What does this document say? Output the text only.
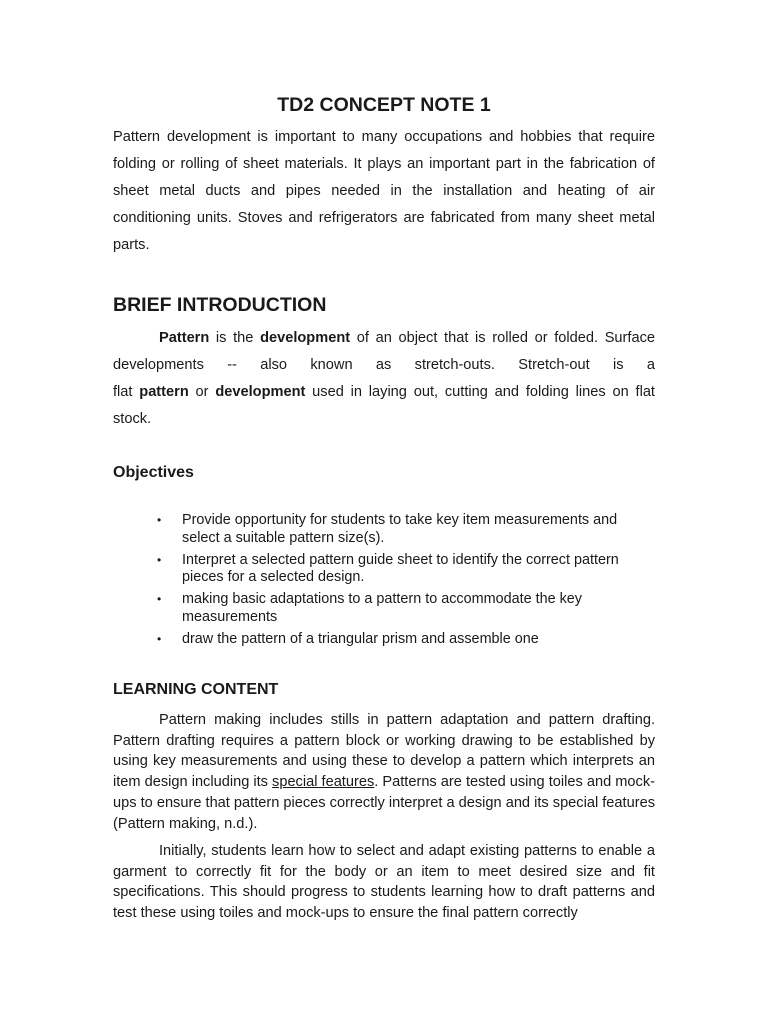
TD2 CONCEPT NOTE 1

Pattern development is important to many occupations and hobbies that require folding or rolling of sheet materials. It plays an important part in the fabrication of sheet metal ducts and pipes needed in the installation and heating of air conditioning units. Stoves and refrigerators are fabricated from many sheet metal parts.

BRIEF INTRODUCTION
Pattern is the development of an object that is rolled or folded. Surface
developments -- also known as stretch-outs. Stretch-out is a
flat pattern or development used in laying out, cutting and folding lines on flat
stock.
Objectives
• Provide opportunity for students to take key item measurements and select a suitable pattern size(s).
• Interpret a selected pattern guide sheet to identify the correct pattern pieces for a selected design.
• making basic adaptations to a pattern to accommodate the key measurements
• draw the pattern of a triangular prism and assemble one
LEARNING CONTENT

Pattern making includes stills in pattern adaptation and pattern drafting. Pattern drafting requires a pattern block or working drawing to be established by using key measurements and using these to develop a pattern which interprets an item design including its special features. Patterns are tested using toiles and mock-ups to ensure that pattern pieces correctly interpret a design and its special features (Pattern making, n.d.).

Initially, students learn how to select and adapt existing patterns to enable a garment to correctly fit for the body or an item to meet desired size and fit specifications. This should progress to students learning how to draft patterns and test these using toiles and mock-ups to ensure the final pattern correctly
